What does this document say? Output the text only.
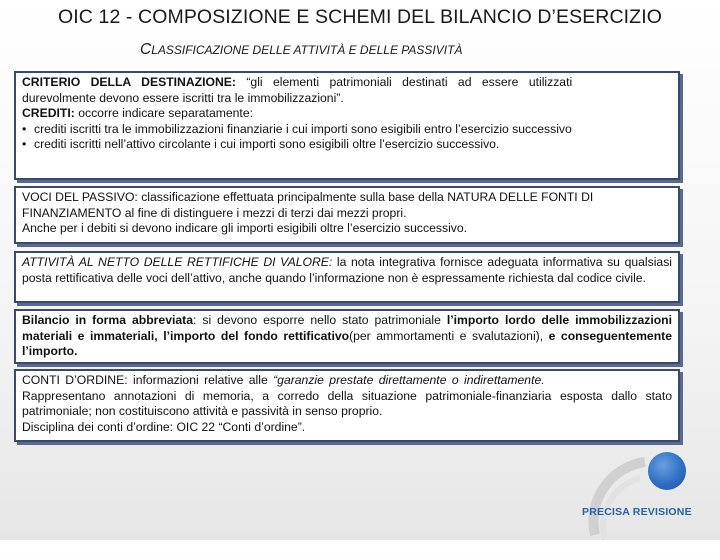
OIC 12 - COMPOSIZIONE E SCHEMI DEL BILANCIO D’ESERCIZIO
CLASSIFICAZIONE DELLE ATTIVITÀ E DELLE PASSIVITÀ
CRITERIO DELLA DESTINAZIONE: “gli elementi patrimoniali destinati ad essere utilizzati
durevolmente devono essere iscritti tra le immobilizzazioni”.
CREDITI: occorre indicare separatamente:
• crediti iscritti tra le immobilizzazioni finanziarie i cui importi sono esigibili entro l’esercizio successivo
• crediti iscritti nell’attivo circolante i cui importi sono esigibili oltre l’esercizio successivo.
VOCI DEL PASSIVO: classificazione effettuata principalmente sulla base della NATURA DELLE FONTI DI FINANZIAMENTO al fine di distinguere i mezzi di terzi dai mezzi propri.
Anche per i debiti si devono indicare gli importi esigibili oltre l’esercizio successivo.
ATTIVITÀ AL NETTO DELLE RETTIFICHE DI VALORE: la nota integrativa fornisce adeguata informativa su qualsiasi posta rettificativa delle voci dell’attivo, anche quando l’informazione non è espressamente richiesta dal codice civile.
Bilancio in forma abbreviata: si devono esporre nello stato patrimoniale l’importo lordo delle immobilizzazioni materiali e immateriali, l’importo del fondo rettificativo(per ammortamenti e svalutazioni), e conseguentemente l’importo.
CONTI D’ORDINE: informazioni relative alle “garanzie prestate direttamente o indirettamente.
Rappresentano annotazioni di memoria, a corredo della situazione patrimoniale-finanziaria esposta dallo stato patrimoniale; non costituiscono attività e passività in senso proprio.
Disciplina dei conti d’ordine: OIC 22 “Conti d’ordine”.
PRECISA REVISIONE
